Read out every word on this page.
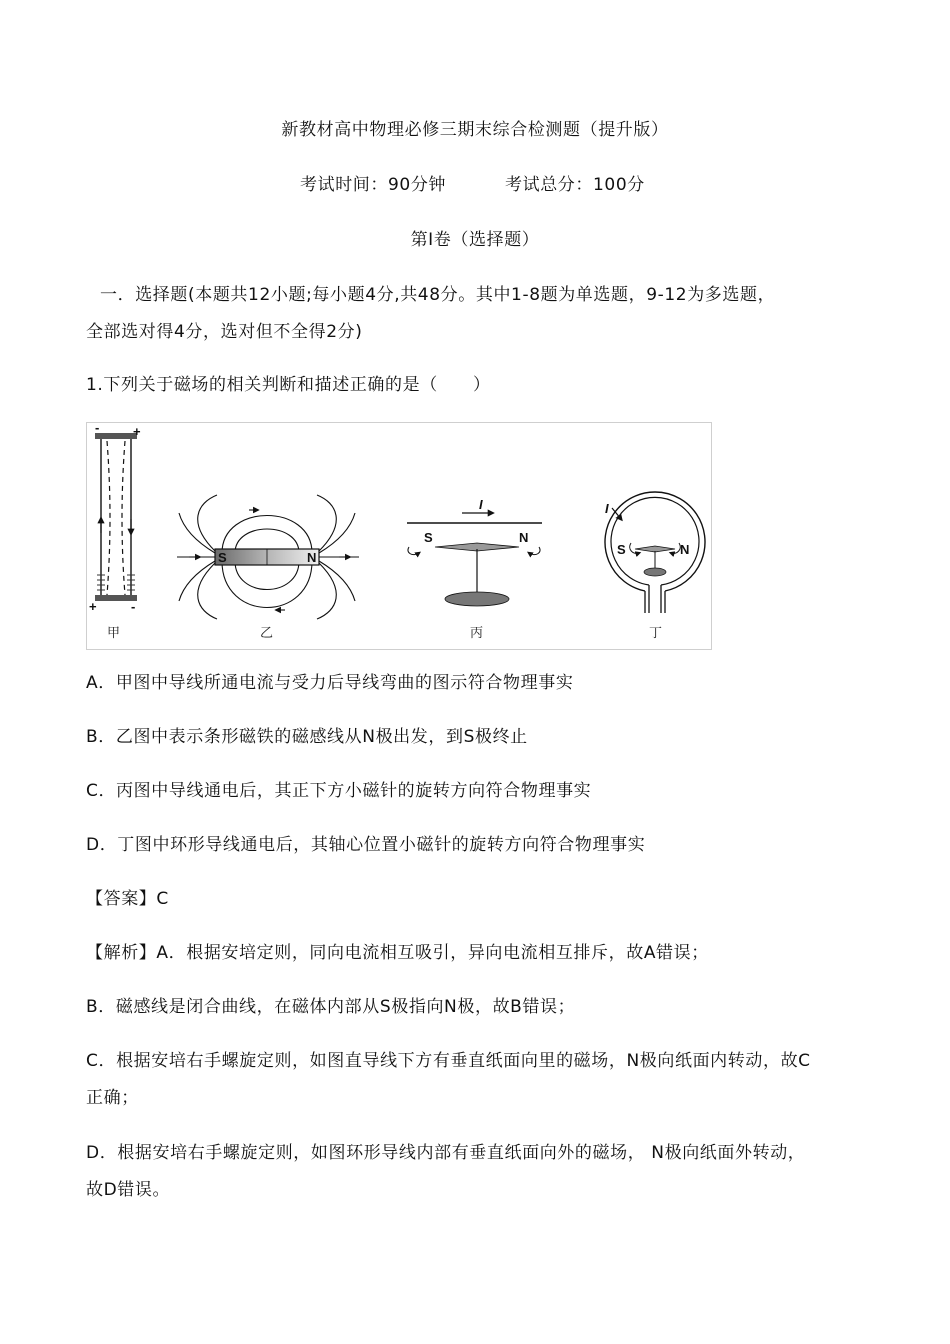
新教材高中物理必修三期末综合检测题（提升版）
考试时间：90分钟	考试总分：100分
第Ⅰ卷（选择题）
一．选择题(本题共12小题;每小题4分,共48分。其中1-8题为单选题，9-12为多选题，
全部选对得4分，选对但不全得2分)
1.下列关于磁场的相关判断和描述正确的是（　　）
-	+
+	-
甲
S	N
乙
I
S	N
丙
I
S	N
丁
A．甲图中导线所通电流与受力后导线弯曲的图示符合物理事实
B．乙图中表示条形磁铁的磁感线从N极出发，到S极终止
C．丙图中导线通电后，其正下方小磁针的旋转方向符合物理事实
D．丁图中环形导线通电后，其轴心位置小磁针的旋转方向符合物理事实
【答案】C
【解析】A．根据安培定则，同向电流相互吸引，异向电流相互排斥，故A错误；
B．磁感线是闭合曲线，在磁体内部从S极指向N极，故B错误；
C．根据安培右手螺旋定则，如图直导线下方有垂直纸面向里的磁场，N极向纸面内转动，故C
正确；
D．根据安培右手螺旋定则，如图环形导线内部有垂直纸面向外的磁场， N极向纸面外转动，
故D错误。
